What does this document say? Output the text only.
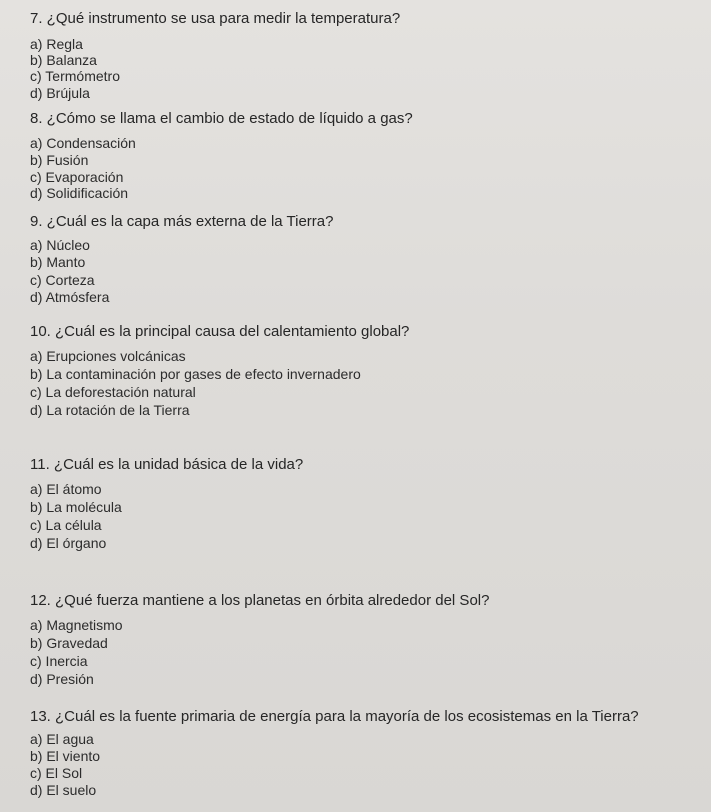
7. ¿Qué instrumento se usa para medir la temperatura?
a) Regla
b) Balanza
c) Termómetro
d) Brújula
8. ¿Cómo se llama el cambio de estado de líquido a gas?
a) Condensación
b) Fusión
c) Evaporación
d) Solidificación
9. ¿Cuál es la capa más externa de la Tierra?
a) Núcleo
b) Manto
c) Corteza
d) Atmósfera
10. ¿Cuál es la principal causa del calentamiento global?
a) Erupciones volcánicas
b) La contaminación por gases de efecto invernadero
c) La deforestación natural
d) La rotación de la Tierra
11. ¿Cuál es la unidad básica de la vida?
a) El átomo
b) La molécula
c) La célula
d) El órgano
12. ¿Qué fuerza mantiene a los planetas en órbita alrededor del Sol?
a) Magnetismo
b) Gravedad
c) Inercia
d) Presión
13. ¿Cuál es la fuente primaria de energía para la mayoría de los ecosistemas en la Tierra?
a) El agua
b) El viento
c) El Sol
d) El suelo
